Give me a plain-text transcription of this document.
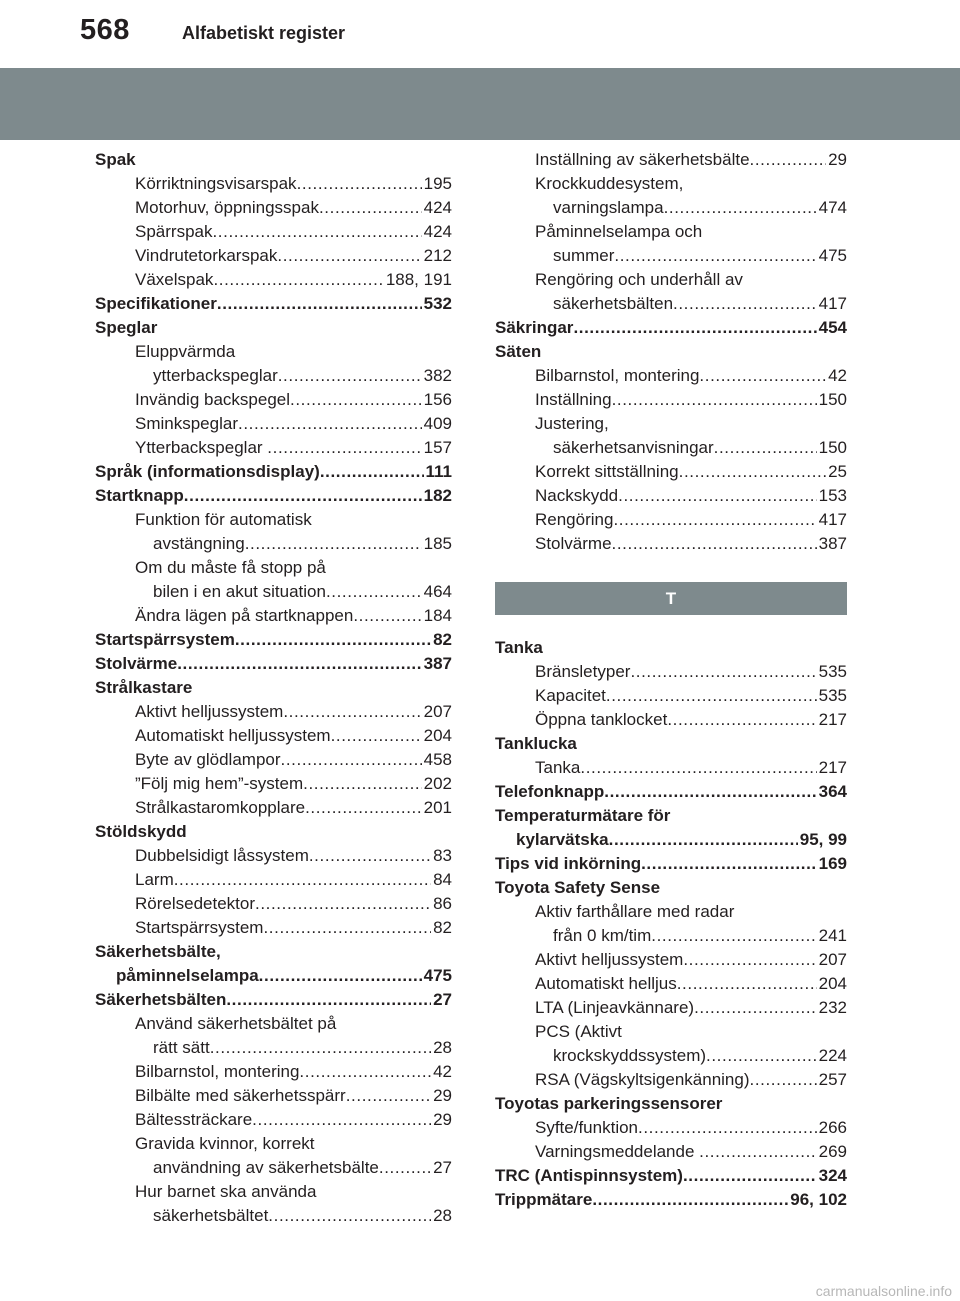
568	Alfabetiskt register
Spak
Körriktningsvisarspak .....	195
Motorhuv, öppningsspak .....	424
Spärrspak .....	424
Vindrutetorkarspak .....	212
Växelspak .....	188, 191
Specifikationer .....	532
Speglar
Eluppvärmda
ytterbackspeglar .....	382
Invändig backspegel .....	156
Sminkspeglar .....	409
Ytterbackspeglar .....	157
Språk (informationsdisplay) .....	111
Startknapp .....	182
Funktion för automatisk
avstängning .....	185
Om du måste få stopp på
bilen i en akut situation .....	464
Ändra lägen på startknappen .....	184
Startspärrsystem .....	82
Stolvärme .....	387
Strålkastare
Aktivt helljussystem .....	207
Automatiskt helljussystem .....	204
Byte av glödlampor .....	458
”Följ mig hem”-system .....	202
Strålkastaromkopplare .....	201
Stöldskydd
Dubbelsidigt låssystem .....	83
Larm .....	84
Rörelsedetektor .....	86
Startspärrsystem .....	82
Säkerhetsbälte,
påminnelselampa .....	475
Säkerhetsbälten .....	27
Använd säkerhetsbältet på
rätt sätt .....	28
Bilbarnstol, montering .....	42
Bilbälte med säkerhetsspärr .....	29
Bältessträckare .....	29
Gravida kvinnor, korrekt
användning av säkerhetsbälte .....	27
Hur barnet ska använda
säkerhetsbältet .....	28
Inställning av säkerhetsbälte .....	29
Krockkuddesystem,
varningslampa .....	474
Påminnelselampa och
summer .....	475
Rengöring och underhåll av
säkerhetsbälten .....	417
Säkringar .....	454
Säten
Bilbarnstol, montering .....	42
Inställning .....	150
Justering,
säkerhetsanvisningar .....	150
Korrekt sittställning .....	25
Nackskydd .....	153
Rengöring .....	417
Stolvärme .....	387
T
Tanka
Bränsletyper .....	535
Kapacitet .....	535
Öppna tanklocket .....	217
Tanklucka
Tanka .....	217
Telefonknapp .....	364
Temperaturmätare för
kylarvätska .....	95, 99
Tips vid inkörning .....	169
Toyota Safety Sense
Aktiv farthållare med radar
från 0 km/tim .....	241
Aktivt helljussystem .....	207
Automatiskt helljus .....	204
LTA (Linjeavkännare) .....	232
PCS (Aktivt
krockskyddssystem) .....	224
RSA (Vägskyltsigenkänning) .....	257
Toyotas parkeringssensorer
Syfte/funktion .....	266
Varningsmeddelande .....	269
TRC (Antispinnsystem) .....	324
Trippmätare .....	96, 102
carmanualsonline.info
